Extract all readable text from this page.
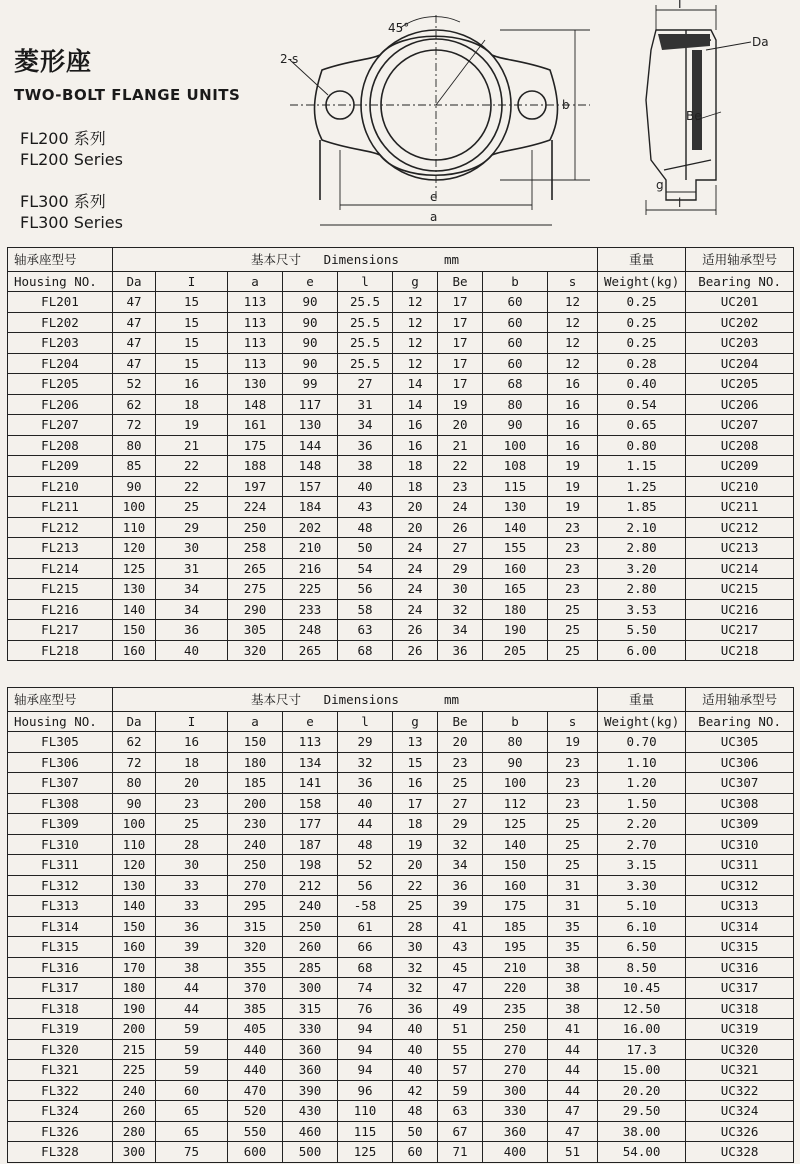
菱形座
TWO-BOLT FLANGE UNITS
FL200 系列
FL200 Series
FL300 系列
FL300 Series
45°
2-s
e
a
b
I
Da
Be
g
l
轴承座型号	基本尺寸 Dimensions mm									重量	适用轴承型号
Housing NO.	Da	I	a	e	l	g	Be	b	s	Weight(kg)	Bearing NO.
FL201	47	15	113	90	25.5	12	17	60	12	0.25	UC201
FL202	47	15	113	90	25.5	12	17	60	12	0.25	UC202
FL203	47	15	113	90	25.5	12	17	60	12	0.25	UC203
FL204	47	15	113	90	25.5	12	17	60	12	0.28	UC204
FL205	52	16	130	99	27	14	17	68	16	0.40	UC205
FL206	62	18	148	117	31	14	19	80	16	0.54	UC206
FL207	72	19	161	130	34	16	20	90	16	0.65	UC207
FL208	80	21	175	144	36	16	21	100	16	0.80	UC208
FL209	85	22	188	148	38	18	22	108	19	1.15	UC209
FL210	90	22	197	157	40	18	23	115	19	1.25	UC210
FL211	100	25	224	184	43	20	24	130	19	1.85	UC211
FL212	110	29	250	202	48	20	26	140	23	2.10	UC212
FL213	120	30	258	210	50	24	27	155	23	2.80	UC213
FL214	125	31	265	216	54	24	29	160	23	3.20	UC214
FL215	130	34	275	225	56	24	30	165	23	2.80	UC215
FL216	140	34	290	233	58	24	32	180	25	3.53	UC216
FL217	150	36	305	248	63	26	34	190	25	5.50	UC217
FL218	160	40	320	265	68	26	36	205	25	6.00	UC218
轴承座型号	基本尺寸 Dimensions mm									重量	适用轴承型号
Housing NO.	Da	I	a	e	l	g	Be	b	s	Weight(kg)	Bearing NO.
FL305	62	16	150	113	29	13	20	80	19	0.70	UC305
FL306	72	18	180	134	32	15	23	90	23	1.10	UC306
FL307	80	20	185	141	36	16	25	100	23	1.20	UC307
FL308	90	23	200	158	40	17	27	112	23	1.50	UC308
FL309	100	25	230	177	44	18	29	125	25	2.20	UC309
FL310	110	28	240	187	48	19	32	140	25	2.70	UC310
FL311	120	30	250	198	52	20	34	150	25	3.15	UC311
FL312	130	33	270	212	56	22	36	160	31	3.30	UC312
FL313	140	33	295	240	-58	25	39	175	31	5.10	UC313
FL314	150	36	315	250	61	28	41	185	35	6.10	UC314
FL315	160	39	320	260	66	30	43	195	35	6.50	UC315
FL316	170	38	355	285	68	32	45	210	38	8.50	UC316
FL317	180	44	370	300	74	32	47	220	38	10.45	UC317
FL318	190	44	385	315	76	36	49	235	38	12.50	UC318
FL319	200	59	405	330	94	40	51	250	41	16.00	UC319
FL320	215	59	440	360	94	40	55	270	44	17.3	UC320
FL321	225	59	440	360	94	40	57	270	44	15.00	UC321
FL322	240	60	470	390	96	42	59	300	44	20.20	UC322
FL324	260	65	520	430	110	48	63	330	47	29.50	UC324
FL326	280	65	550	460	115	50	67	360	47	38.00	UC326
FL328	300	75	600	500	125	60	71	400	51	54.00	UC328
